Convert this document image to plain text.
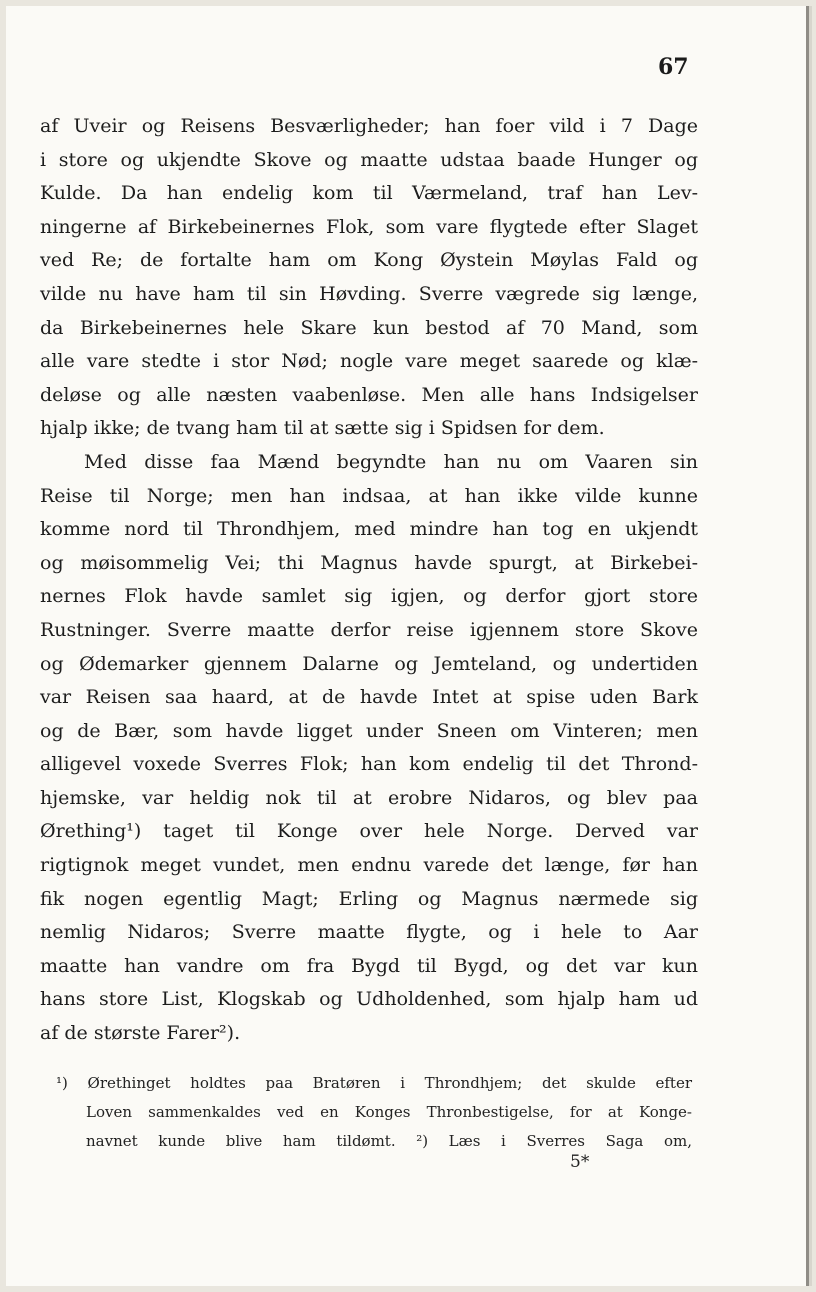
67
af Uveir og Reisens Besværligheder; han foer vild i 7 Dage
i store og ukjendte Skove og maatte udstaa baade Hunger og
Kulde. Da han endelig kom til Værmeland, traf han Lev-
ningerne af Birkebeinernes Flok, som vare flygtede efter Slaget
ved Re; de fortalte ham om Kong Øystein Møylas Fald og
vilde nu have ham til sin Høvding. Sverre vægrede sig længe,
da Birkebeinernes hele Skare kun bestod af 70 Mand, som
alle vare stedte i stor Nød; nogle vare meget saarede og klæ-
deløse og alle næsten vaabenløse. Men alle hans Indsigelser
hjalp ikke; de tvang ham til at sætte sig i Spidsen for dem.
Med disse faa Mænd begyndte han nu om Vaaren sin
Reise til Norge; men han indsaa, at han ikke vilde kunne
komme nord til Throndhjem, med mindre han tog en ukjendt
og møisommelig Vei; thi Magnus havde spurgt, at Birkebei-
nernes Flok havde samlet sig igjen, og derfor gjort store
Rustninger. Sverre maatte derfor reise igjennem store Skove
og Ødemarker gjennem Dalarne og Jemteland, og undertiden
var Reisen saa haard, at de havde Intet at spise uden Bark
og de Bær, som havde ligget under Sneen om Vinteren; men
alligevel voxede Sverres Flok; han kom endelig til det Thrond-
hjemske, var heldig nok til at erobre Nidaros, og blev paa
Ørething¹) taget til Konge over hele Norge. Derved var
rigtignok meget vundet, men endnu varede det længe, før han
fik nogen egentlig Magt; Erling og Magnus nærmede sig
nemlig Nidaros; Sverre maatte flygte, og i hele to Aar
maatte han vandre om fra Bygd til Bygd, og det var kun
hans store List, Klogskab og Udholdenhed, som hjalp ham ud
af de største Farer²).
¹) Ørethinget holdtes paa Bratøren i Throndhjem; det skulde efter
Loven sammenkaldes ved en Konges Thronbestigelse, for at Konge-
navnet kunde blive ham tildømt. ²) Læs i Sverres Saga om,
5*
